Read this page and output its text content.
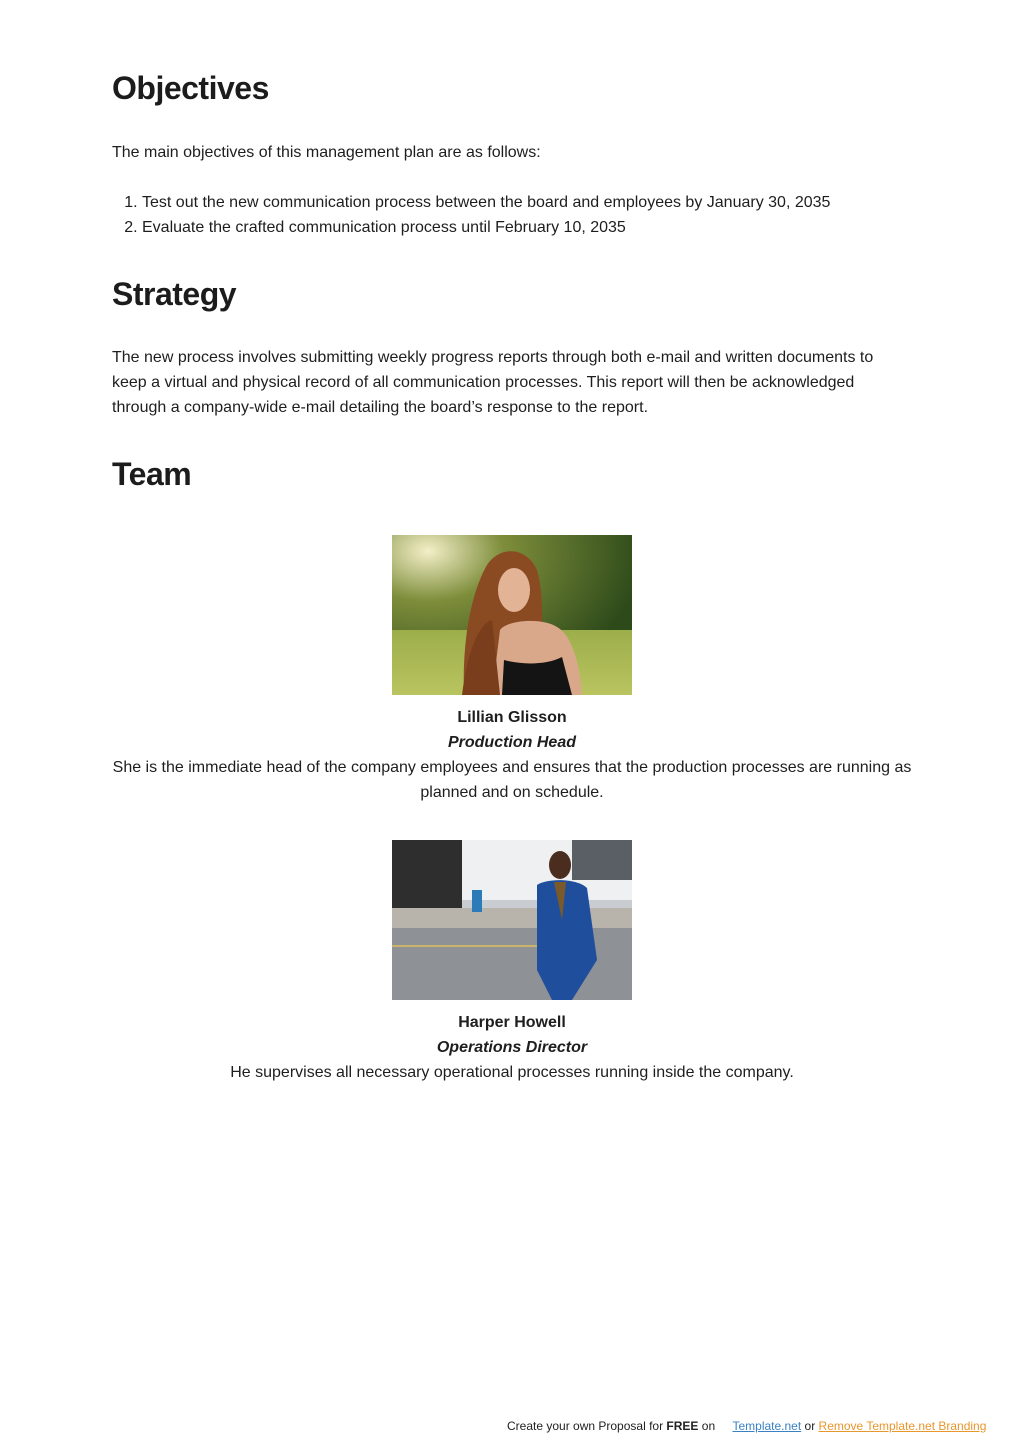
Objectives

The main objectives of this management plan are as follows:

1. Test out the new communication process between the board and employees by January 30, 2035
2. Evaluate the crafted communication process until February 10, 2035
Strategy

The new process involves submitting weekly progress reports through both e-mail and written documents to keep a virtual and physical record of all communication processes. This report will then be acknowledged through a company-wide e-mail detailing the board’s response to the report.

Team

Lillian Glisson

Production Head

She is the immediate head of the company employees and ensures that the production processes are running as planned and on schedule.

Harper Howell

Operations Director

He supervises all necessary operational processes running inside the company.

Create your own Proposal for FREE on Template.net or Remove Template.net Branding
